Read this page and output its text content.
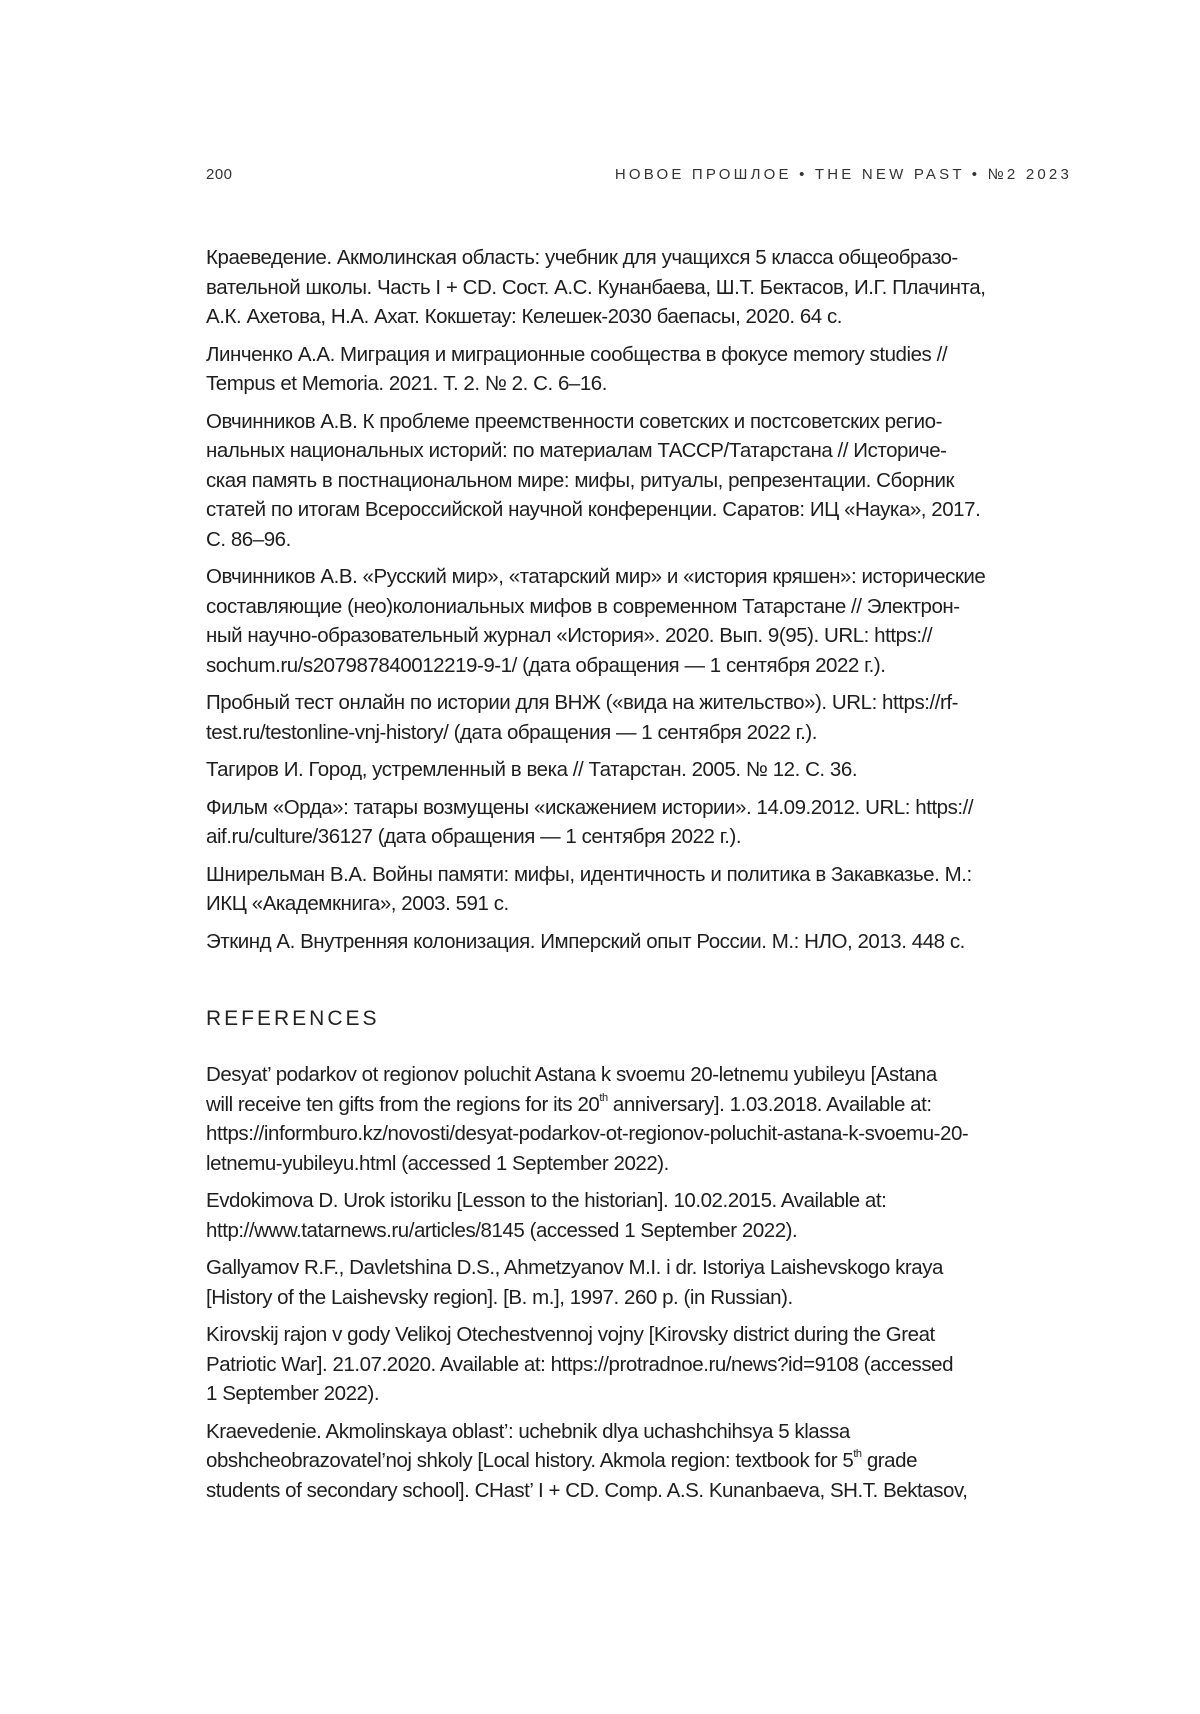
200	НОВОЕ ПРОШЛОЕ • THE NEW PAST • №2 2023
Краеведение. Акмолинская область: учебник для учащихся 5 класса общеобразо-
вательной школы. Часть I + CD. Сост. А.С. Кунанбаева, Ш.Т. Бектасов, И.Г. Плачинта,
А.К. Ахетова, Н.А. Ахат. Кокшетау: Келешек-2030 баепасы, 2020. 64 с.
Линченко А.А. Миграция и миграционные сообщества в фокусе memory studies //
Tempus et Memoria. 2021. Т. 2. № 2. С. 6–16.
Овчинников А.В. К проблеме преемственности советских и постсоветских регио-
нальных национальных историй: по материалам ТАССР/Татарстана // Историче-
ская память в постнациональном мире: мифы, ритуалы, репрезентации. Сборник
статей по итогам Всероссийской научной конференции. Саратов: ИЦ «Наука», 2017.
С. 86–96.
Овчинников А.В. «Русский мир», «татарский мир» и «история кряшен»: исторические
составляющие (нео)колониальных мифов в современном Татарстане // Электрон-
ный научно-образовательный журнал «История». 2020. Вып. 9(95). URL: https://
sochum.ru/s207987840012219-9-1/ (дата обращения — 1 сентября 2022 г.).
Пробный тест онлайн по истории для ВНЖ («вида на жительство»). URL: https://rf-
test.ru/testonline-vnj-history/ (дата обращения — 1 сентября 2022 г.).
Тагиров И. Город, устремленный в века // Татарстан. 2005. № 12. С. 36.
Фильм «Орда»: татары возмущены «искажением истории». 14.09.2012. URL: https://
aif.ru/culture/36127 (дата обращения — 1 сентября 2022 г.).
Шнирельман В.А. Войны памяти: мифы, идентичность и политика в Закавказье. М.:
ИКЦ «Академкнига», 2003. 591 с.
Эткинд А. Внутренняя колонизация. Имперский опыт России. М.: НЛО, 2013. 448 с.
REFERENCES
Desyat’ podarkov ot regionov poluchit Astana k svoemu 20-letnemu yubileyu [Astana
will receive ten gifts from the regions for its 20th anniversary]. 1.03.2018. Available at:
https://informburo.kz/novosti/desyat-podarkov-ot-regionov-poluchit-astana-k-svoemu-20-
letnemu-yubileyu.html (accessed 1 September 2022).
Evdokimova D. Urok istoriku [Lesson to the historian]. 10.02.2015. Available at:
http://www.tatarnews.ru/articles/8145 (accessed 1 September 2022).
Gallyamov R.F., Davletshina D.S., Ahmetzyanov M.I. i dr. Istoriya Laishevskogo kraya
[History of the Laishevsky region]. [B. m.], 1997. 260 p. (in Russian).
Kirovskij rajon v gody Velikoj Otechestvennoj vojny [Kirovsky district during the Great
Patriotic War]. 21.07.2020. Available at: https://protradnoe.ru/news?id=9108 (accessed
1 September 2022).
Kraevedenie. Akmolinskaya oblast’: uchebnik dlya uchashchihsya 5 klassa
obshcheobrazovatel’noj shkoly [Local history. Akmola region: textbook for 5th grade
students of secondary school]. CHast’ I + CD. Comp. A.S. Kunanbaeva, SH.T. Bektasov,
